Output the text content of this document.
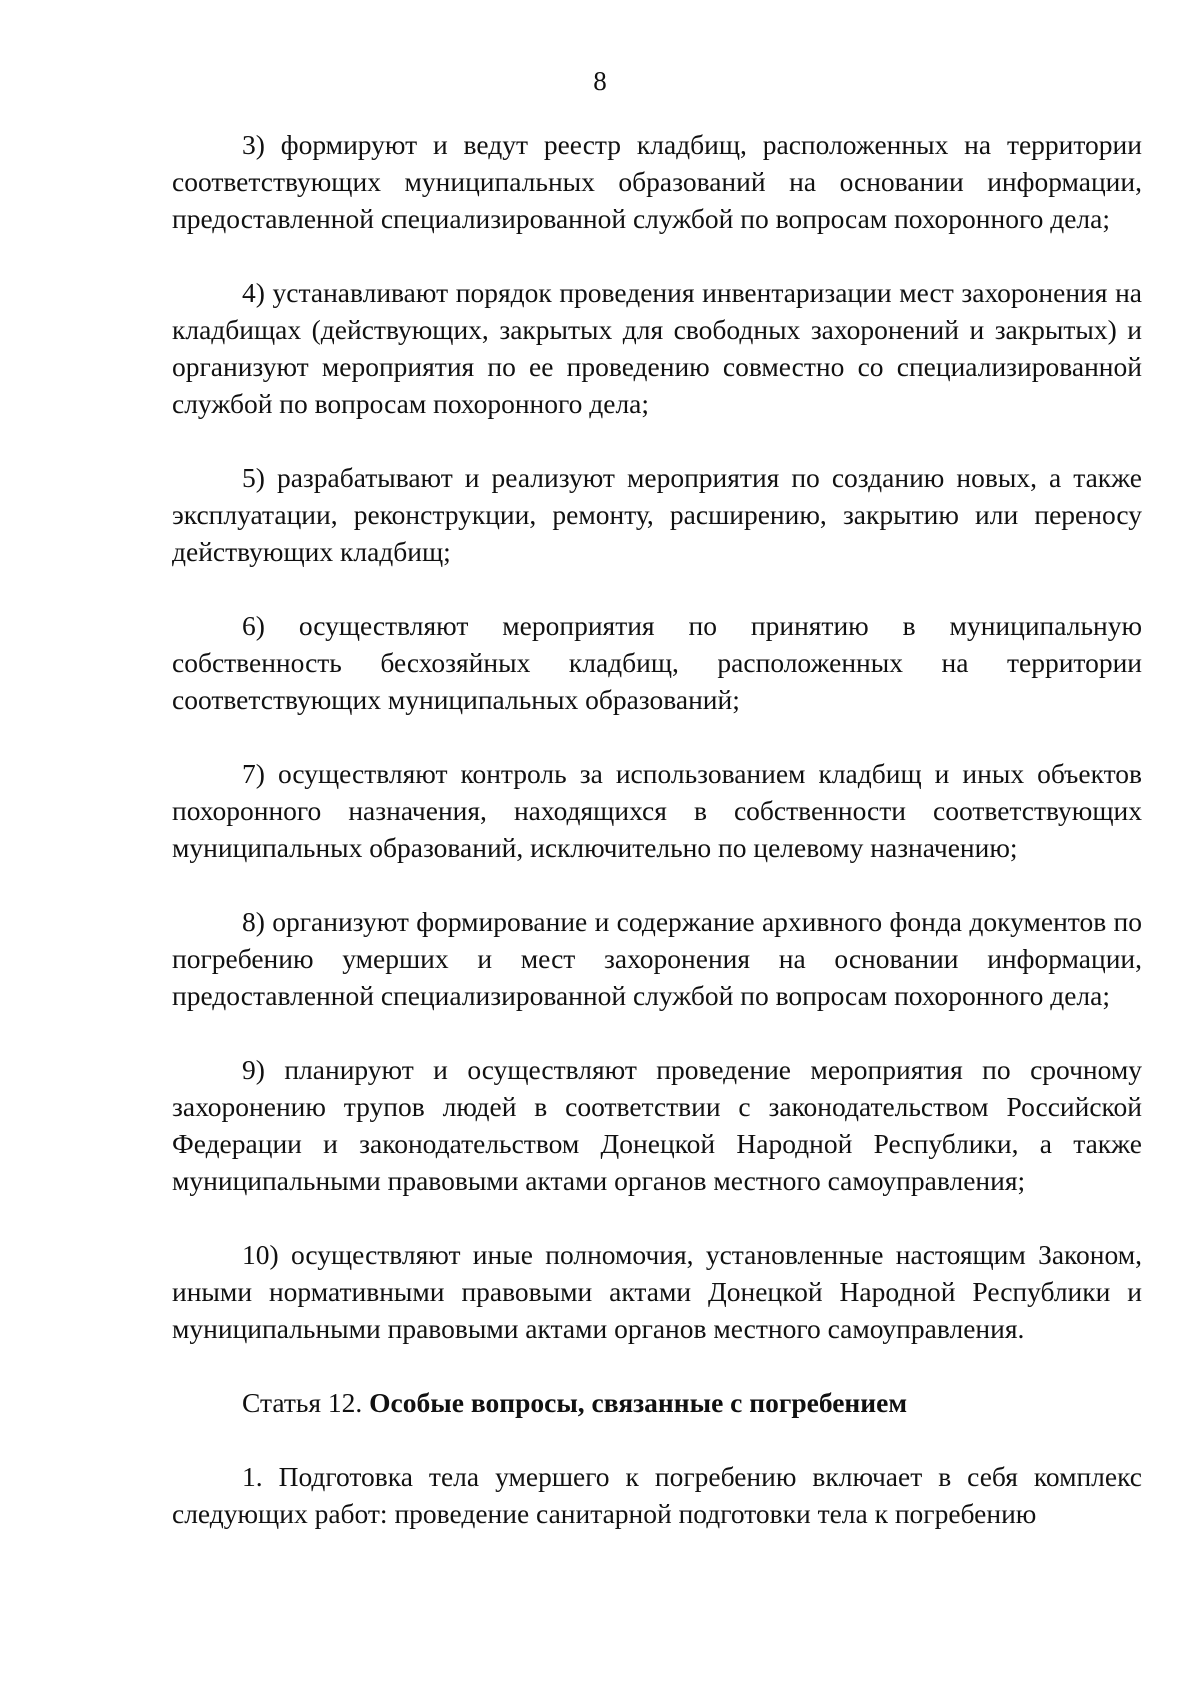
8

3) формируют и ведут реестр кладбищ, расположенных на территории соответствующих муниципальных образований на основании информации, предоставленной специализированной службой по вопросам похоронного дела;

4) устанавливают порядок проведения инвентаризации мест захоронения на кладбищах (действующих, закрытых для свободных захоронений и закрытых) и организуют мероприятия по ее проведению совместно со специализированной службой по вопросам похоронного дела;

5) разрабатывают и реализуют мероприятия по созданию новых, а также эксплуатации, реконструкции, ремонту, расширению, закрытию или переносу действующих кладбищ;

6) осуществляют мероприятия по принятию в муниципальную собственность бесхозяйных кладбищ, расположенных на территории соответствующих муниципальных образований;

7) осуществляют контроль за использованием кладбищ и иных объектов похоронного назначения, находящихся в собственности соответствующих муниципальных образований, исключительно по целевому назначению;

8) организуют формирование и содержание архивного фонда документов по погребению умерших и мест захоронения на основании информации, предоставленной специализированной службой по вопросам похоронного дела;

9) планируют и осуществляют проведение мероприятия по срочному захоронению трупов людей в соответствии с законодательством Российской Федерации и законодательством Донецкой Народной Республики, а также муниципальными правовыми актами органов местного самоуправления;

10) осуществляют иные полномочия, установленные настоящим Законом, иными нормативными правовыми актами Донецкой Народной Республики и муниципальными правовыми актами органов местного самоуправления.

Статья 12. Особые вопросы, связанные с погребением

1. Подготовка тела умершего к погребению включает в себя комплекс следующих работ: проведение санитарной подготовки тела к погребению
